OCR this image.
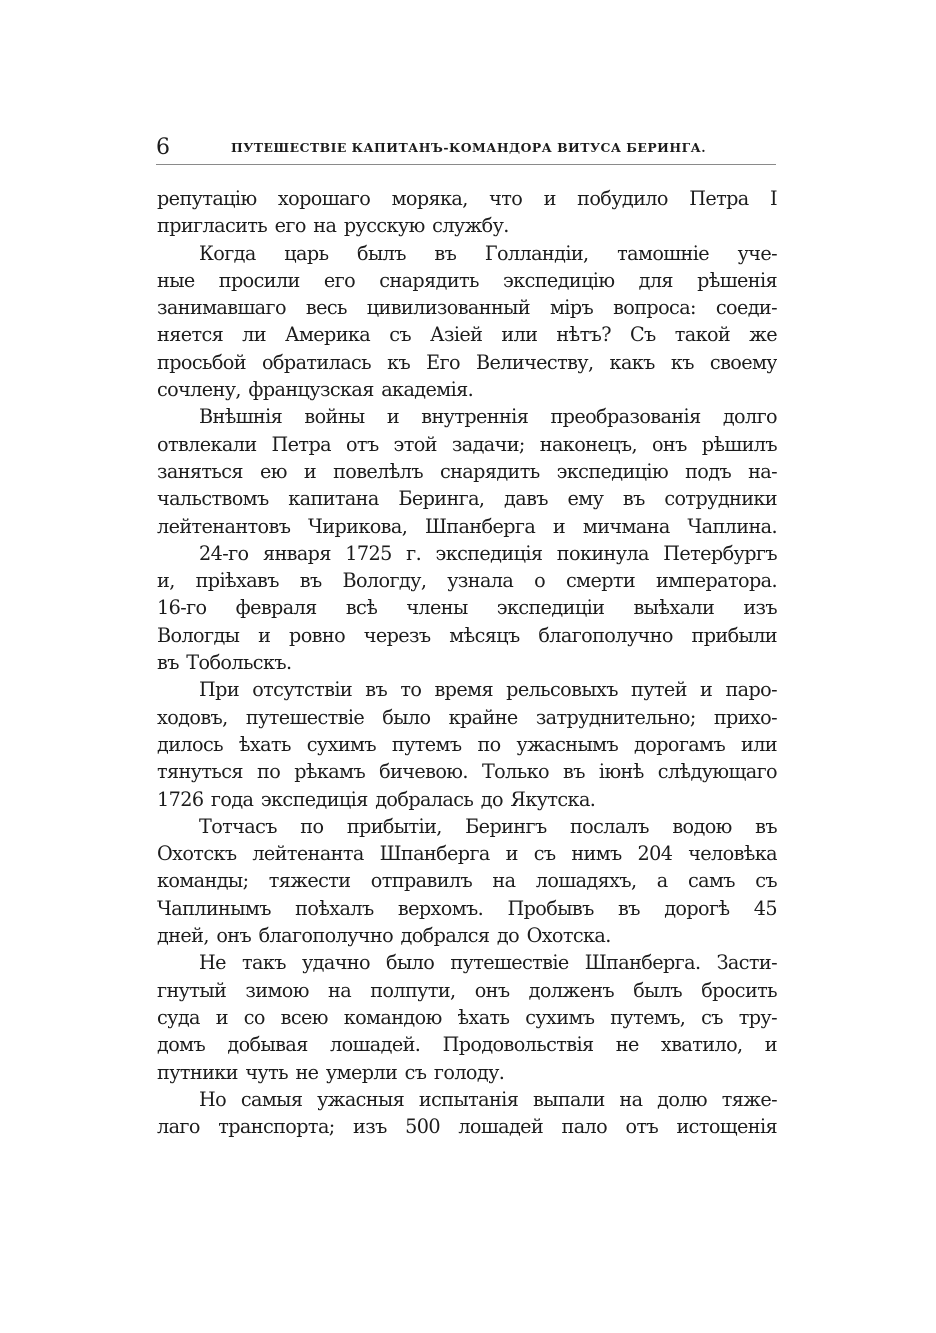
6	ПУТЕШЕСТВІЕ КАПИТАНЪ-КОМАНДОРА ВИТУСА БЕРИНГА.

репутацію хорошаго моряка, что и побудило Петра I
пригласить его на русскую службу.

Когда царь былъ въ Голландіи, тамошніе уче-
ные просили его снарядить экспедицію для рѣшенія
занимавшаго весь цивилизованный міръ вопроса: соеди-
няется ли Америка съ Азіей или нѣтъ? Съ такой же
просьбой обратилась къ Его Величеству, какъ къ своему
сочлену, французская академія.

Внѣшнія войны и внутреннія преобразованія долго
отвлекали Петра отъ этой задачи; наконецъ, онъ рѣшилъ
заняться ею и повелѣлъ снарядить экспедицію подъ на-
чальствомъ капитана Беринга, давъ ему въ сотрудники
лейтенантовъ Чирикова, Шпанберга и мичмана Чаплина.

24-го января 1725 г. экспедиція покинула Петербургъ
и, пріѣхавъ въ Вологду, узнала о смерти императора.
16-го февраля всѣ члены экспедиціи выѣхали изъ
Вологды и ровно черезъ мѣсяцъ благополучно прибыли
въ Тобольскъ.

При отсутствіи въ то время рельсовыхъ путей и паро-
ходовъ, путешествіе было крайне затруднительно; прихо-
дилось ѣхать сухимъ путемъ по ужаснымъ дорогамъ или
тянуться по рѣкамъ бичевою. Только въ іюнѣ слѣдующаго
1726 года экспедиція добралась до Якутска.

Тотчасъ по прибытіи, Берингъ послалъ водою въ
Охотскъ лейтенанта Шпанберга и съ нимъ 204 человѣка
команды; тяжести отправилъ на лошадяхъ, а самъ съ
Чаплинымъ поѣхалъ верхомъ. Пробывъ въ дорогѣ 45
дней, онъ благополучно добрался до Охотска.

Не такъ удачно было путешествіе Шпанберга. Засти-
гнутый зимою на полпути, онъ долженъ былъ бросить
суда и со всею командою ѣхать сухимъ путемъ, съ тру-
домъ добывая лошадей. Продовольствія не хватило, и
путники чуть не умерли съ голоду.

Но самыя ужасныя испытанія выпали на долю тяже-
лаго транспорта; изъ 500 лошадей пало отъ истощенія
